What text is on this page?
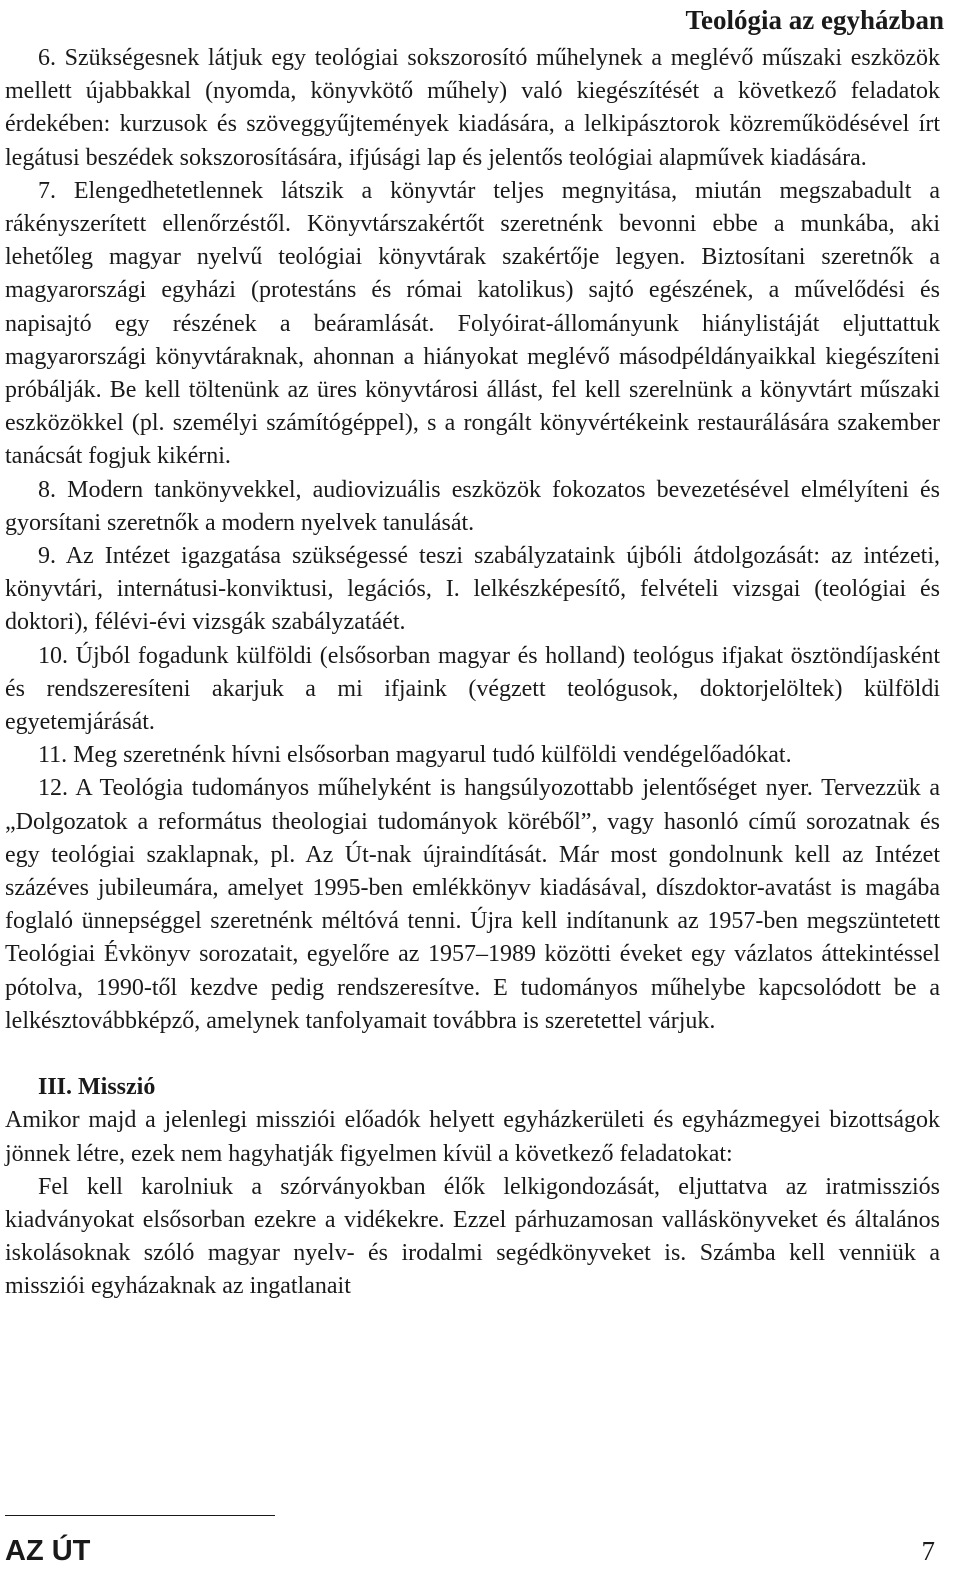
Teológia az egyházban

6. Szükségesnek látjuk egy teológiai sokszorosító műhelynek a meglévő műszaki eszközök mellett újabbakkal (nyomda, könyvkötő műhely) való kiegészítését a következő feladatok érdekében: kurzusok és szöveggyűjtemények kiadására, a lelkipásztorok közreműködésével írt legátusi beszédek sokszorosítására, ifjúsági lap és jelentős teológiai alapművek kiadására.

7. Elengedhetetlennek látszik a könyvtár teljes megnyitása, miután megszabadult a rákényszerített ellenőrzéstől. Könyvtárszakértőt szeretnénk bevonni ebbe a munkába, aki lehetőleg magyar nyelvű teológiai könyvtárak szakértője legyen. Biztosítani szeretnők a magyarországi egyházi (protestáns és római katolikus) sajtó egészének, a művelődési és napisajtó egy részének a beáramlását. Folyóirat-állományunk hiánylistáját eljuttattuk magyarországi könyvtáraknak, ahonnan a hiányokat meglévő másodpéldányaikkal kiegészíteni próbálják. Be kell töltenünk az üres könyvtárosi állást, fel kell szerelnünk a könyvtárt műszaki eszközökkel (pl. személyi számítógéppel), s a rongált könyvértékeink restaurálására szakember tanácsát fogjuk kikérni.

8. Modern tankönyvekkel, audiovizuális eszközök fokozatos bevezetésével elmélyíteni és gyorsítani szeretnők a modern nyelvek tanulását.

9. Az Intézet igazgatása szükségessé teszi szabályzataink újbóli átdolgozását: az intézeti, könyvtári, internátusi-konviktusi, legációs, I. lelkészképesítő, felvételi vizsgai (teológiai és doktori), félévi-évi vizsgák szabályzatáét.

10. Újból fogadunk külföldi (elsősorban magyar és holland) teológus ifjakat ösztöndíjasként és rendszeresíteni akarjuk a mi ifjaink (végzett teológusok, doktorjelöltek) külföldi egyetemjárását.

11. Meg szeretnénk hívni elsősorban magyarul tudó külföldi vendégelőadókat.

12. A Teológia tudományos műhelyként is hangsúlyozottabb jelentőséget nyer. Tervezzük a „Dolgozatok a református theologiai tudományok köréből”, vagy hasonló című sorozatnak és egy teológiai szaklapnak, pl. Az Út-nak újraindítását. Már most gondolnunk kell az Intézet százéves jubileumára, amelyet 1995-ben emlékkönyv kiadásával, díszdoktor-avatást is magába foglaló ünnepséggel szeretnénk méltóvá tenni. Újra kell indítanunk az 1957-ben megszüntetett Teológiai Évkönyv sorozatait, egyelőre az 1957–1989 közötti éveket egy vázlatos áttekintéssel pótolva, 1990-től kezdve pedig rendszeresítve. E tudományos műhelybe kapcsolódott be a lelkésztovábbképző, amelynek tanfolyamait továbbra is szeretettel várjuk.

III. Misszió

Amikor majd a jelenlegi missziói előadók helyett egyházkerületi és egyházmegyei bizottságok jönnek létre, ezek nem hagyhatják figyelmen kívül a következő feladatokat:

Fel kell karolniuk a szórványokban élők lelkigondozását, eljuttatva az iratmissziós kiadványokat elsősorban ezekre a vidékekre. Ezzel párhuzamosan valláskönyveket és általános iskolásoknak szóló magyar nyelv- és irodalmi segédkönyveket is. Számba kell venniük a missziói egyházaknak az ingatlanait

AZ ÚT	7
